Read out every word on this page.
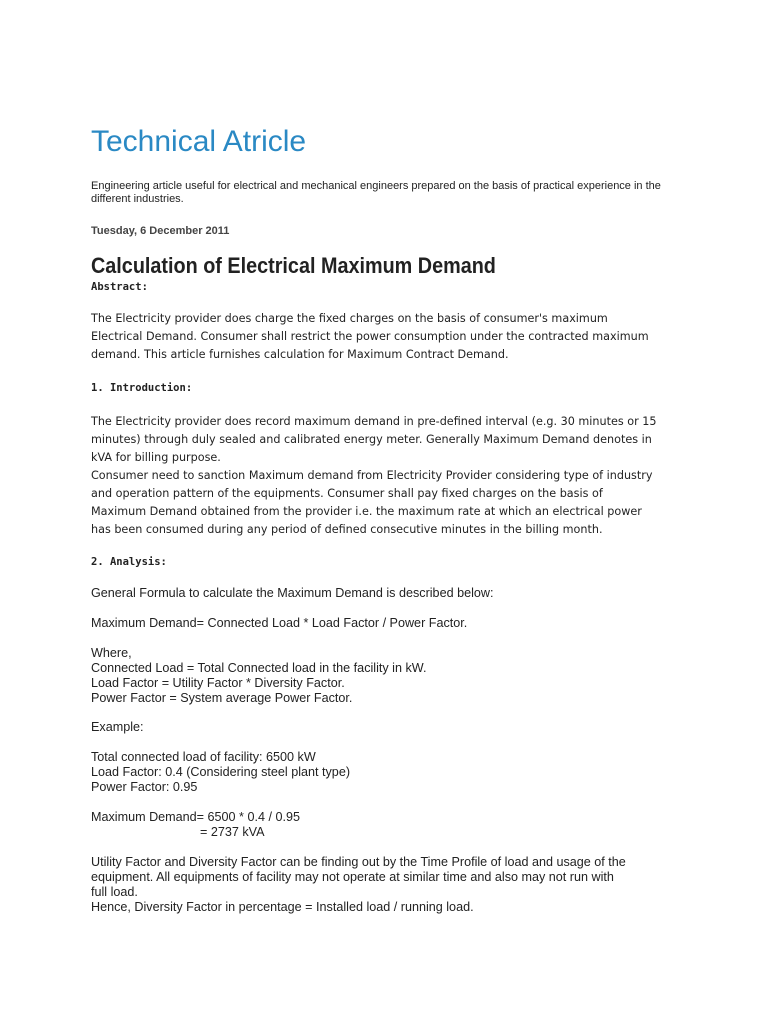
Technical Atricle

Engineering article useful for electrical and mechanical engineers prepared on the basis of practical experience in the different industries.

Tuesday, 6 December 2011
Calculation of Electrical Maximum Demand
Abstract:
The Electricity provider does charge the fixed charges on the basis of consumer's maximum
Electrical Demand. Consumer shall restrict the power consumption under the contracted maximum
demand. This article furnishes calculation for Maximum Contract Demand.
1. Introduction:
The Electricity provider does record maximum demand in pre-defined interval (e.g. 30 minutes or 15
minutes) through duly sealed and calibrated energy meter. Generally Maximum Demand denotes in
kVA for billing purpose.
Consumer need to sanction Maximum demand from Electricity Provider considering type of industry
and operation pattern of the equipments. Consumer shall pay fixed charges on the basis of
Maximum Demand obtained from the provider i.e. the maximum rate at which an electrical power
has been consumed during any period of defined consecutive minutes in the billing month.
2. Analysis:
General Formula to calculate the Maximum Demand is described below:
Maximum Demand= Connected Load * Load Factor / Power Factor.
Where,
Connected Load = Total Connected load in the facility in kW.
Load Factor = Utility Factor * Diversity Factor.
Power Factor = System average Power Factor.
Example:
Total connected load of facility: 6500 kW
Load Factor: 0.4 (Considering steel plant type)
Power Factor: 0.95
Maximum Demand= 6500 * 0.4 / 0.95
= 2737 kVA
Utility Factor and Diversity Factor can be finding out by the Time Profile of load and usage of the
equipment. All equipments of facility may not operate at similar time and also may not run with
full load.
Hence, Diversity Factor in percentage = Installed load / running load.
